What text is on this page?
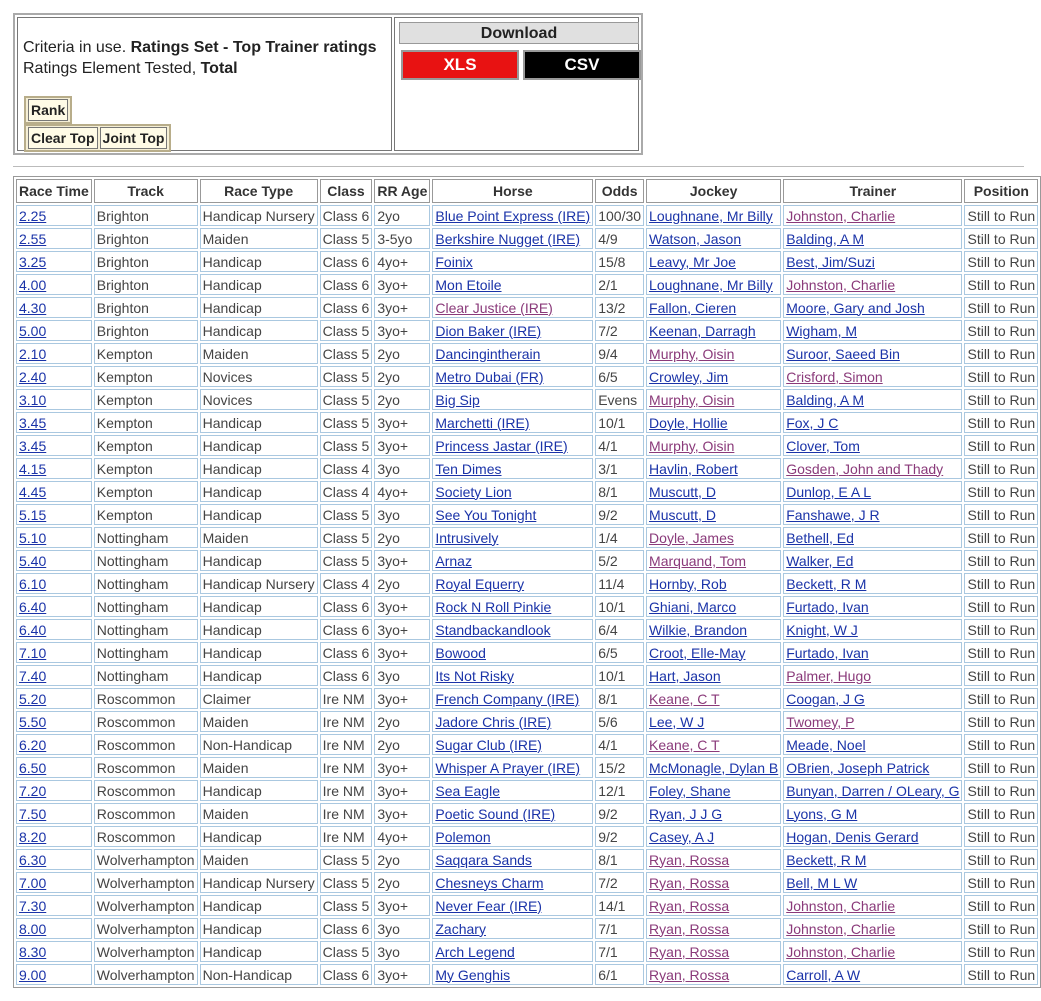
Criteria in use. Ratings Set - Top Trainer ratings
Ratings Element Tested, Total
Rank
Clear Top Joint Top
Download
XLS	CSV
Race Time	Track	Race Type	Class	RR Age	Horse	Odds	Jockey	Trainer	Position
2.25	Brighton	Handicap Nursery	Class 6	2yo	Blue Point Express (IRE)	100/30	Loughnane, Mr Billy	Johnston, Charlie	Still to Run
2.55	Brighton	Maiden	Class 5	3-5yo	Berkshire Nugget (IRE)	4/9	Watson, Jason	Balding, A M	Still to Run
3.25	Brighton	Handicap	Class 6	4yo+	Foinix	15/8	Leavy, Mr Joe	Best, Jim/Suzi	Still to Run
4.00	Brighton	Handicap	Class 6	3yo+	Mon Etoile	2/1	Loughnane, Mr Billy	Johnston, Charlie	Still to Run
4.30	Brighton	Handicap	Class 6	3yo+	Clear Justice (IRE)	13/2	Fallon, Cieren	Moore, Gary and Josh	Still to Run
5.00	Brighton	Handicap	Class 5	3yo+	Dion Baker (IRE)	7/2	Keenan, Darragh	Wigham, M	Still to Run
2.10	Kempton	Maiden	Class 5	2yo	Dancingintherain	9/4	Murphy, Oisin	Suroor, Saeed Bin	Still to Run
2.40	Kempton	Novices	Class 5	2yo	Metro Dubai (FR)	6/5	Crowley, Jim	Crisford, Simon	Still to Run
3.10	Kempton	Novices	Class 5	2yo	Big Sip	Evens	Murphy, Oisin	Balding, A M	Still to Run
3.45	Kempton	Handicap	Class 5	3yo+	Marchetti (IRE)	10/1	Doyle, Hollie	Fox, J C	Still to Run
3.45	Kempton	Handicap	Class 5	3yo+	Princess Jastar (IRE)	4/1	Murphy, Oisin	Clover, Tom	Still to Run
4.15	Kempton	Handicap	Class 4	3yo	Ten Dimes	3/1	Havlin, Robert	Gosden, John and Thady	Still to Run
4.45	Kempton	Handicap	Class 4	4yo+	Society Lion	8/1	Muscutt, D	Dunlop, E A L	Still to Run
5.15	Kempton	Handicap	Class 5	3yo	See You Tonight	9/2	Muscutt, D	Fanshawe, J R	Still to Run
5.10	Nottingham	Maiden	Class 5	2yo	Intrusively	1/4	Doyle, James	Bethell, Ed	Still to Run
5.40	Nottingham	Handicap	Class 5	3yo+	Arnaz	5/2	Marquand, Tom	Walker, Ed	Still to Run
6.10	Nottingham	Handicap Nursery	Class 4	2yo	Royal Equerry	11/4	Hornby, Rob	Beckett, R M	Still to Run
6.40	Nottingham	Handicap	Class 6	3yo+	Rock N Roll Pinkie	10/1	Ghiani, Marco	Furtado, Ivan	Still to Run
6.40	Nottingham	Handicap	Class 6	3yo+	Standbackandlook	6/4	Wilkie, Brandon	Knight, W J	Still to Run
7.10	Nottingham	Handicap	Class 6	3yo+	Bowood	6/5	Croot, Elle-May	Furtado, Ivan	Still to Run
7.40	Nottingham	Handicap	Class 6	3yo	Its Not Risky	10/1	Hart, Jason	Palmer, Hugo	Still to Run
5.20	Roscommon	Claimer	Ire NM	3yo+	French Company (IRE)	8/1	Keane, C T	Coogan, J G	Still to Run
5.50	Roscommon	Maiden	Ire NM	2yo	Jadore Chris (IRE)	5/6	Lee, W J	Twomey, P	Still to Run
6.20	Roscommon	Non-Handicap	Ire NM	2yo	Sugar Club (IRE)	4/1	Keane, C T	Meade, Noel	Still to Run
6.50	Roscommon	Maiden	Ire NM	3yo+	Whisper A Prayer (IRE)	15/2	McMonagle, Dylan B	OBrien, Joseph Patrick	Still to Run
7.20	Roscommon	Handicap	Ire NM	3yo+	Sea Eagle	12/1	Foley, Shane	Bunyan, Darren / OLeary, G	Still to Run
7.50	Roscommon	Maiden	Ire NM	3yo+	Poetic Sound (IRE)	9/2	Ryan, J J G	Lyons, G M	Still to Run
8.20	Roscommon	Handicap	Ire NM	4yo+	Polemon	9/2	Casey, A J	Hogan, Denis Gerard	Still to Run
6.30	Wolverhampton	Maiden	Class 5	2yo	Saqqara Sands	8/1	Ryan, Rossa	Beckett, R M	Still to Run
7.00	Wolverhampton	Handicap Nursery	Class 5	2yo	Chesneys Charm	7/2	Ryan, Rossa	Bell, M L W	Still to Run
7.30	Wolverhampton	Handicap	Class 5	3yo+	Never Fear (IRE)	14/1	Ryan, Rossa	Johnston, Charlie	Still to Run
8.00	Wolverhampton	Handicap	Class 6	3yo	Zachary	7/1	Ryan, Rossa	Johnston, Charlie	Still to Run
8.30	Wolverhampton	Handicap	Class 5	3yo	Arch Legend	7/1	Ryan, Rossa	Johnston, Charlie	Still to Run
9.00	Wolverhampton	Non-Handicap	Class 6	3yo+	My Genghis	6/1	Ryan, Rossa	Carroll, A W	Still to Run
